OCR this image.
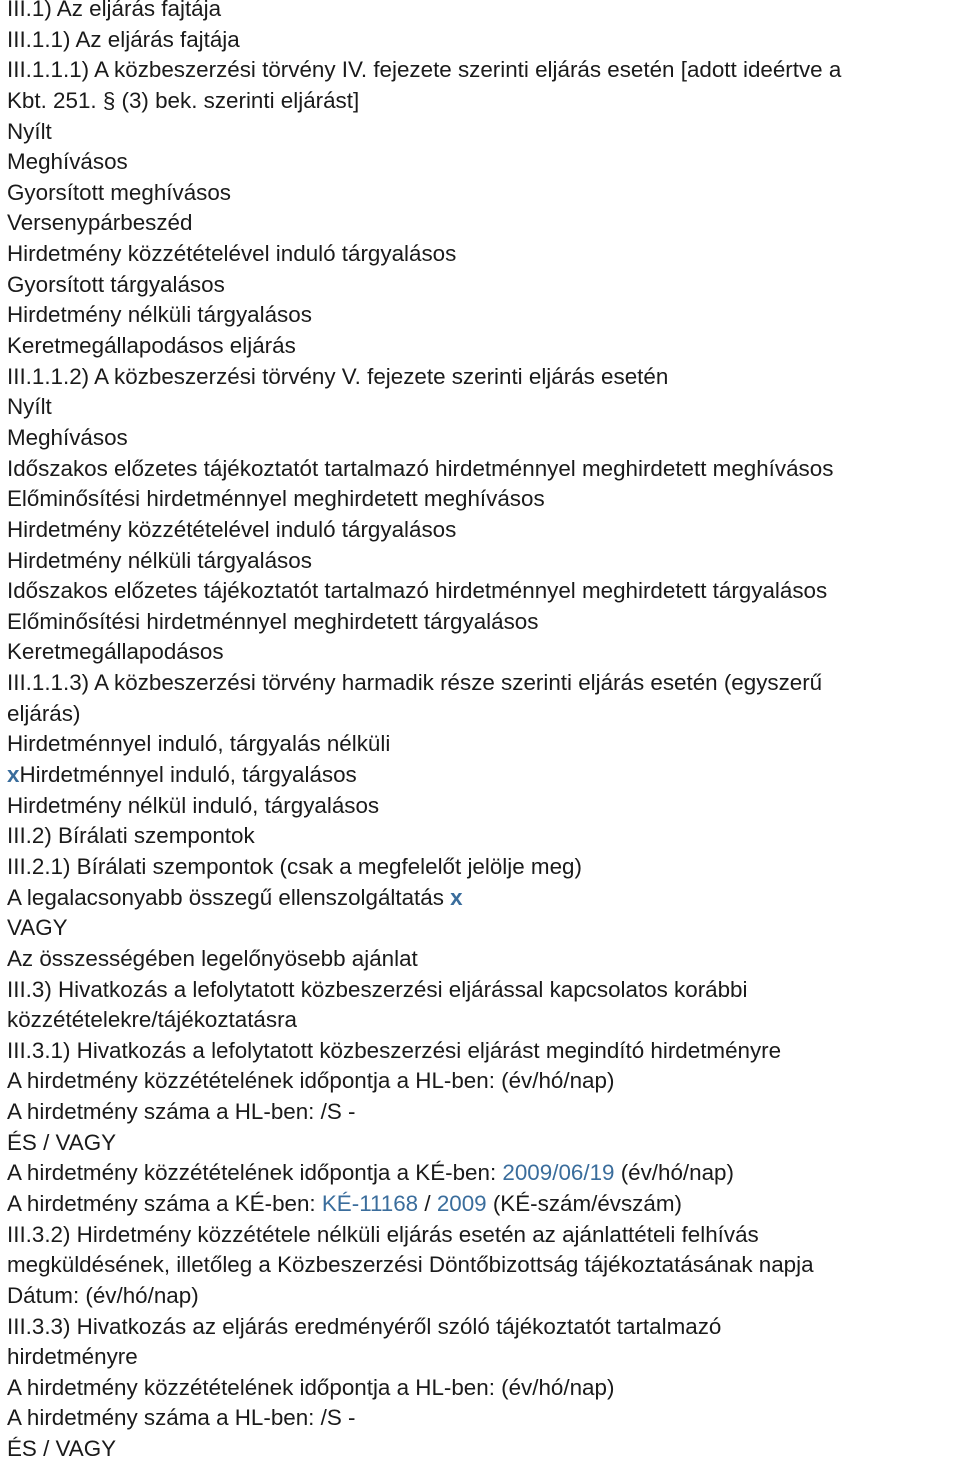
III.1) Az eljárás fajtája
III.1.1) Az eljárás fajtája
III.1.1.1) A közbeszerzési törvény IV. fejezete szerinti eljárás esetén [adott ideértve a
Kbt. 251. § (3) bek. szerinti eljárást]
Nyílt
Meghívásos
Gyorsított meghívásos
Versenypárbeszéd
Hirdetmény közzétételével induló tárgyalásos
Gyorsított tárgyalásos
Hirdetmény nélküli tárgyalásos
Keretmegállapodásos eljárás
III.1.1.2) A közbeszerzési törvény V. fejezete szerinti eljárás esetén
Nyílt
Meghívásos
Időszakos előzetes tájékoztatót tartalmazó hirdetménnyel meghirdetett meghívásos
Előminősítési hirdetménnyel meghirdetett meghívásos
Hirdetmény közzétételével induló tárgyalásos
Hirdetmény nélküli tárgyalásos
Időszakos előzetes tájékoztatót tartalmazó hirdetménnyel meghirdetett tárgyalásos
Előminősítési hirdetménnyel meghirdetett tárgyalásos
Keretmegállapodásos
III.1.1.3) A közbeszerzési törvény harmadik része szerinti eljárás esetén (egyszerű
eljárás)
Hirdetménnyel induló, tárgyalás nélküli
xHirdetménnyel induló, tárgyalásos
Hirdetmény nélkül induló, tárgyalásos
III.2) Bírálati szempontok
III.2.1) Bírálati szempontok (csak a megfelelőt jelölje meg)
A legalacsonyabb összegű ellenszolgáltatás x
VAGY
Az összességében legelőnyösebb ajánlat
III.3) Hivatkozás a lefolytatott közbeszerzési eljárással kapcsolatos korábbi
közzétételekre/tájékoztatásra
III.3.1) Hivatkozás a lefolytatott közbeszerzési eljárást megindító hirdetményre
A hirdetmény közzétételének időpontja a HL-ben: (év/hó/nap)
A hirdetmény száma a HL-ben: /S -
ÉS / VAGY
A hirdetmény közzétételének időpontja a KÉ-ben: 2009/06/19 (év/hó/nap)
A hirdetmény száma a KÉ-ben: KÉ-11168 / 2009 (KÉ-szám/évszám)
III.3.2) Hirdetmény közzététele nélküli eljárás esetén az ajánlattételi felhívás
megküldésének, illetőleg a Közbeszerzési Döntőbizottság tájékoztatásának napja
Dátum: (év/hó/nap)
III.3.3) Hivatkozás az eljárás eredményéről szóló tájékoztatót tartalmazó
hirdetményre
A hirdetmény közzétételének időpontja a HL-ben: (év/hó/nap)
A hirdetmény száma a HL-ben: /S -
ÉS / VAGY
